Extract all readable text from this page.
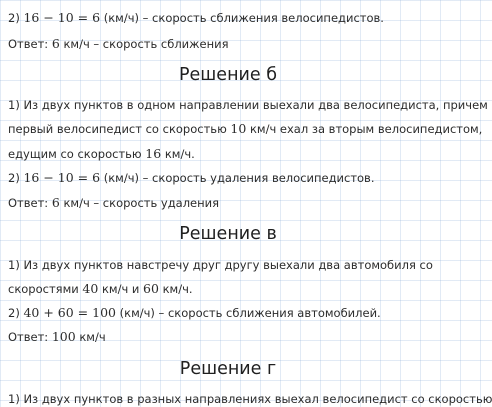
2) 16 − 10 = 6 (км/ч) – скорость сближения велосипедистов.
Ответ: 6 км/ч – скорость сближения
Решение б
1) Из двух пунктов в одном направлении выехали два велосипедиста, причем
первый велосипедист со скоростью 10 км/ч ехал за вторым велосипедистом,
едущим со скоростью 16 км/ч.
2) 16 − 10 = 6 (км/ч) – скорость удаления велосипедистов.
Ответ: 6 км/ч – скорость удаления
Решение в
1) Из двух пунктов навстречу друг другу выехали два автомобиля со
скоростями 40 км/ч и 60 км/ч.
2) 40 + 60 = 100 (км/ч) – скорость сближения автомобилей.
Ответ: 100 км/ч
Решение г
1) Из двух пунктов в разных направлениях выехал велосипедист со скоростью
